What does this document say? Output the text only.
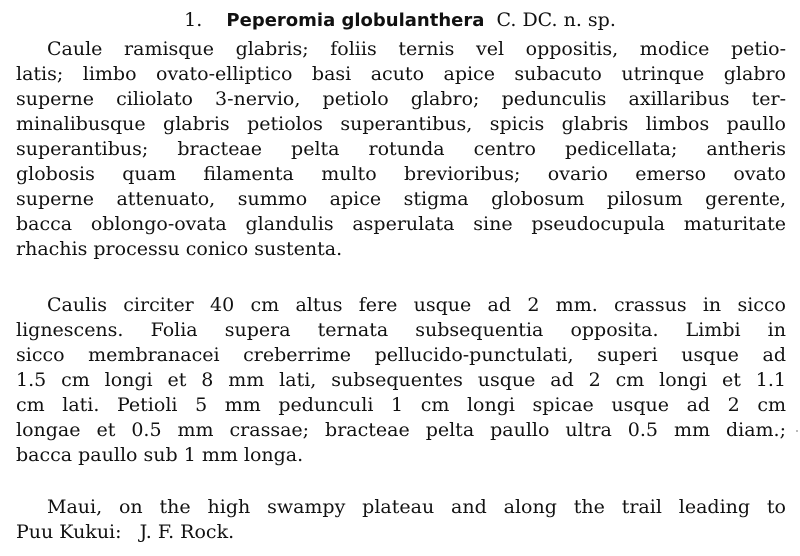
1. Peperomia globulanthera C. DC. n. sp.
Caule ramisque glabris; foliis ternis vel oppositis, modice petio-
latis; limbo ovato-elliptico basi acuto apice subacuto utrinque glabro
superne ciliolato 3-nervio, petiolo glabro; pedunculis axillaribus ter-
minalibusque glabris petiolos superantibus, spicis glabris limbos paullo
superantibus; bracteae pelta rotunda centro pedicellata; antheris
globosis quam filamenta multo brevioribus; ovario emerso ovato
superne attenuato, summo apice stigma globosum pilosum gerente,
bacca oblongo-ovata glandulis asperulata sine pseudocupula maturitate
rhachis processu conico sustenta.
Caulis circiter 40 cm altus fere usque ad 2 mm. crassus in sicco
lignescens. Folia supera ternata subsequentia opposita. Limbi in
sicco membranacei creberrime pellucido-punctulati, superi usque ad
1.5 cm longi et 8 mm lati, subsequentes usque ad 2 cm longi et 1.1
cm lati. Petioli 5 mm pedunculi 1 cm longi spicae usque ad 2 cm
longae et 0.5 mm crassae; bracteae pelta paullo ultra 0.5 mm diam.;
bacca paullo sub 1 mm longa.
Maui, on the high swampy plateau and along the trail leading to
Puu Kukui:   J. F. Rock.
